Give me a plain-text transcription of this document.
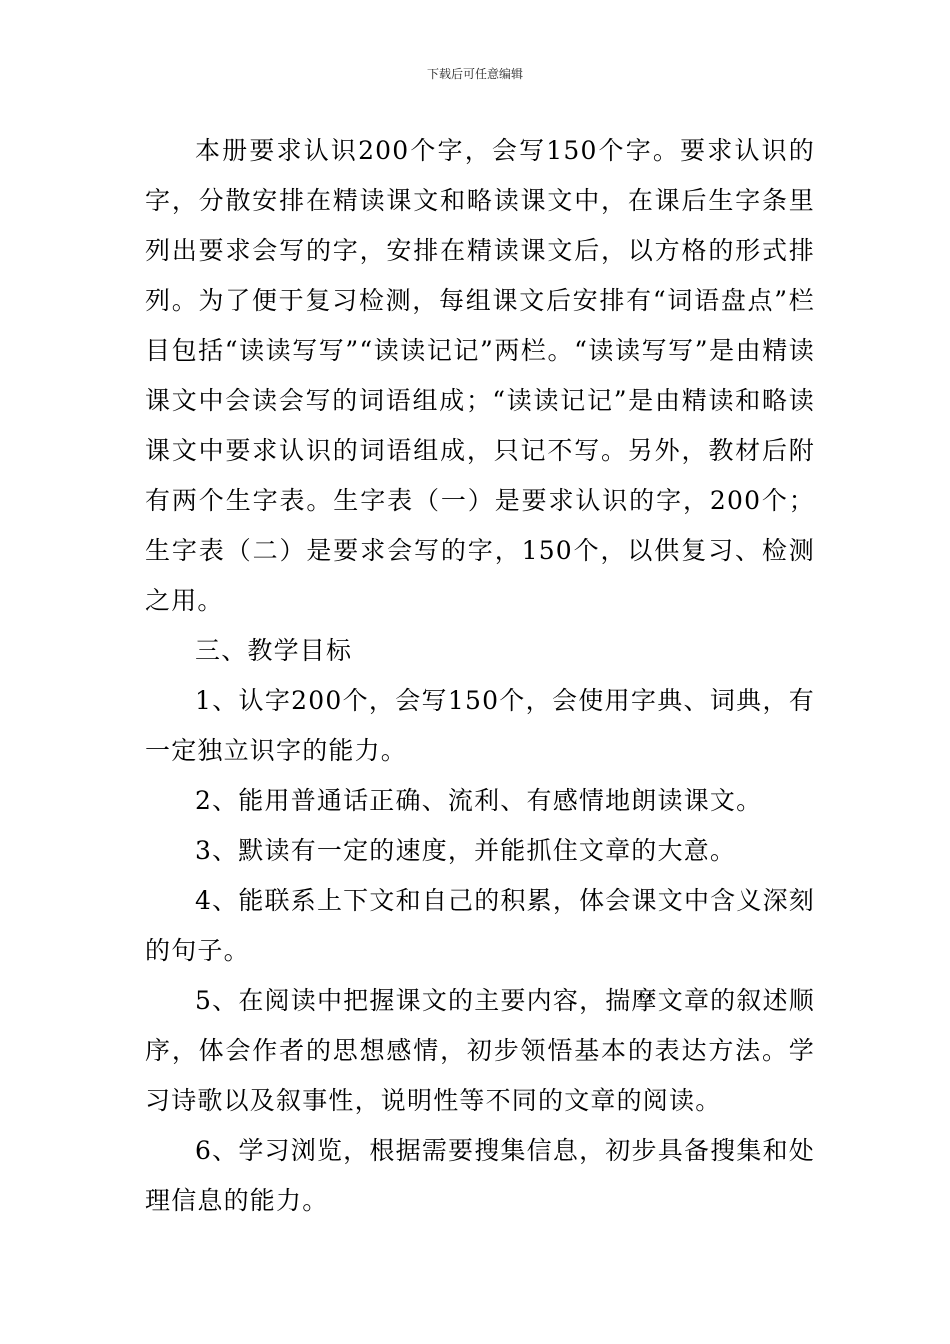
下载后可任意编辑

本册要求认识200个字，会写150个字。要求认识的字，分散安排在精读课文和略读课文中，在课后生字条里列出要求会写的字，安排在精读课文后，以方格的形式排列。为了便于复习检测，每组课文后安排有“词语盘点”栏目包括“读读写写”“读读记记”两栏。“读读写写”是由精读课文中会读会写的词语组成；“读读记记”是由精读和略读课文中要求认识的词语组成，只记不写。另外，教材后附有两个生字表。生字表（一）是要求认识的字，200个；生字表（二）是要求会写的字，150个，以供复习、检测之用。

三、教学目标

1、认字200个，会写150个，会使用字典、词典，有一定独立识字的能力。

2、能用普通话正确、流利、有感情地朗读课文。

3、默读有一定的速度，并能抓住文章的大意。

4、能联系上下文和自己的积累，体会课文中含义深刻的句子。

5、在阅读中把握课文的主要内容，揣摩文章的叙述顺序，体会作者的思想感情，初步领悟基本的表达方法。学习诗歌以及叙事性，说明性等不同的文章的阅读。

6、学习浏览，根据需要搜集信息，初步具备搜集和处理信息的能力。
